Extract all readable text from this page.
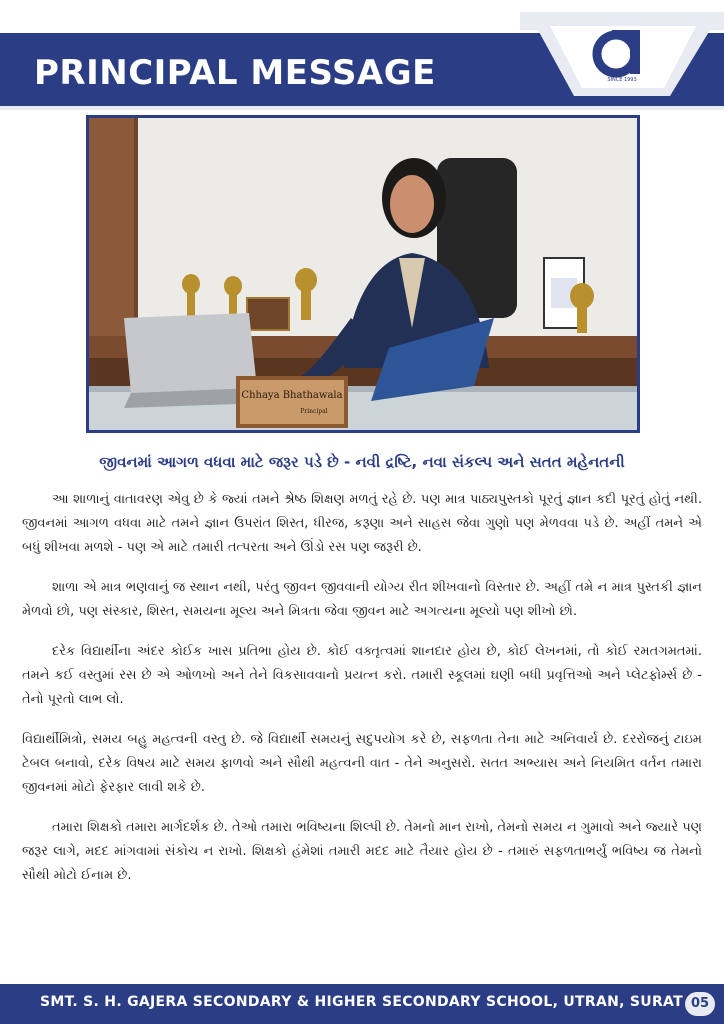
PRINCIPAL MESSAGE	SINCE 1993
Chhaya Bhathawala
Principal
જીવનમાં આગળ વધવા માટે જરૂર પડે છે - નવી દ્રષ્ટિ, નવા સંકલ્પ અને સતત મહેનતની

આ શાળાનું વાતાવરણ એવુ છે કે જ્યાં તમને શ્રેષ્ઠ શિક્ષણ મળતું રહે છે. પણ માત્ર પાઠ્યપુસ્તકો પૂરતું જ્ઞાન કદી પૂરતું હોતું નથી. જીવનમાં આગળ વધવા માટે તમને જ્ઞાન ઉપરાંત શિસ્ત, ધીરજ, કરૂણા અને સાહસ જેવા ગુણો પણ મેળવવા પડે છે. અહીં તમને એ બધું શીખવા મળશે - પણ એ માટે તમારી તત્પરતા અને ઊંડો રસ પણ જરૂરી છે.

શાળા એ માત્ર ભણવાનું જ સ્થાન નથી, પરંતુ જીવન જીવવાની યોગ્ય રીત શીખવાનો વિસ્તાર છે. અહીં તમે ન માત્ર પુસ્તકી જ્ઞાન મેળવો છો, પણ સંસ્કાર, શિસ્ત, સમયના મૂલ્ય અને મિત્રતા જેવા જીવન માટે અગત્યના મૂલ્યો પણ શીખો છો.

દરેક વિદ્યાર્થીના અંદર કોઈક ખાસ પ્રતિભા હોય છે. કોઈ વક્તૃત્વમાં શાનદાર હોય છે, કોઈ લેખનમાં, તો કોઈ રમતગમતમાં. તમને કઈ વસ્તુમાં રસ છે એ ઓળખો અને તેને વિકસાવવાનો પ્રયત્ન કરો. તમારી સ્કૂલમાં ઘણી બધી પ્રવૃત્તિઓ અને પ્લેટફોર્મ્સ છે - તેનો પૂરતો લાભ લો.

વિદ્યાર્થીમિત્રો, સમય બહુ મહત્વની વસ્તુ છે. જે વિદ્યાર્થી સમયનું સદુપયોગ કરે છે, સફળતા તેના માટે અનિવાર્ય છે. દરરોજનું ટાઇમ ટેબલ બનાવો, દરેક વિષય માટે સમય ફાળવો અને સૌથી મહત્વની વાત - તેને અનુસરો. સતત અભ્યાસ અને નિયમિત વર્તન તમારા જીવનમાં મોટો ફેરફાર લાવી શકે છે.

તમારા શિક્ષકો તમારા માર્ગદર્શક છે. તેઓ તમારા ભવિષ્યના શિલ્પી છે. તેમનો માન રાખો, તેમનો સમય ન ગુમાવો અને જ્યારે પણ જરૂર લાગે, મદદ માંગવામાં સંકોચ ન રાખો. શિક્ષકો હંમેશાં તમારી મદદ માટે તૈયાર હોય છે - તમારું સફળતાભર્યું ભવિષ્ય જ તેમનો સૌથી મોટો ઈનામ છે.

SMT. S. H. GAJERA SECONDARY & HIGHER SECONDARY SCHOOL, UTRAN, SURAT 05
